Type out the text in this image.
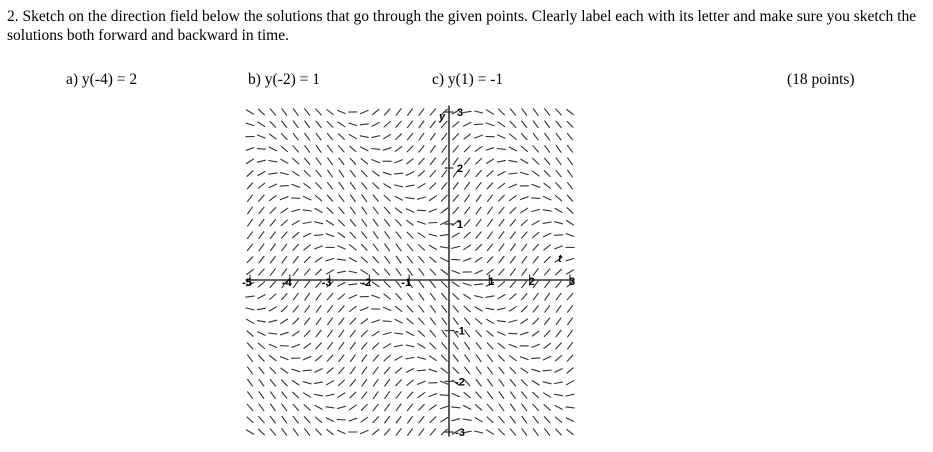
2. Sketch on the direction field below the solutions that go through the given points. Clearly label each with its letter and make sure you sketch the solutions both forward and backward in time.

a) y(-4) = 2	b) y(-2) = 1	c) y(1) = -1	(18 points)
-5	-4	-3	-2	-1	1	2	3
3
2
1
-1
-2
-3
y
t
